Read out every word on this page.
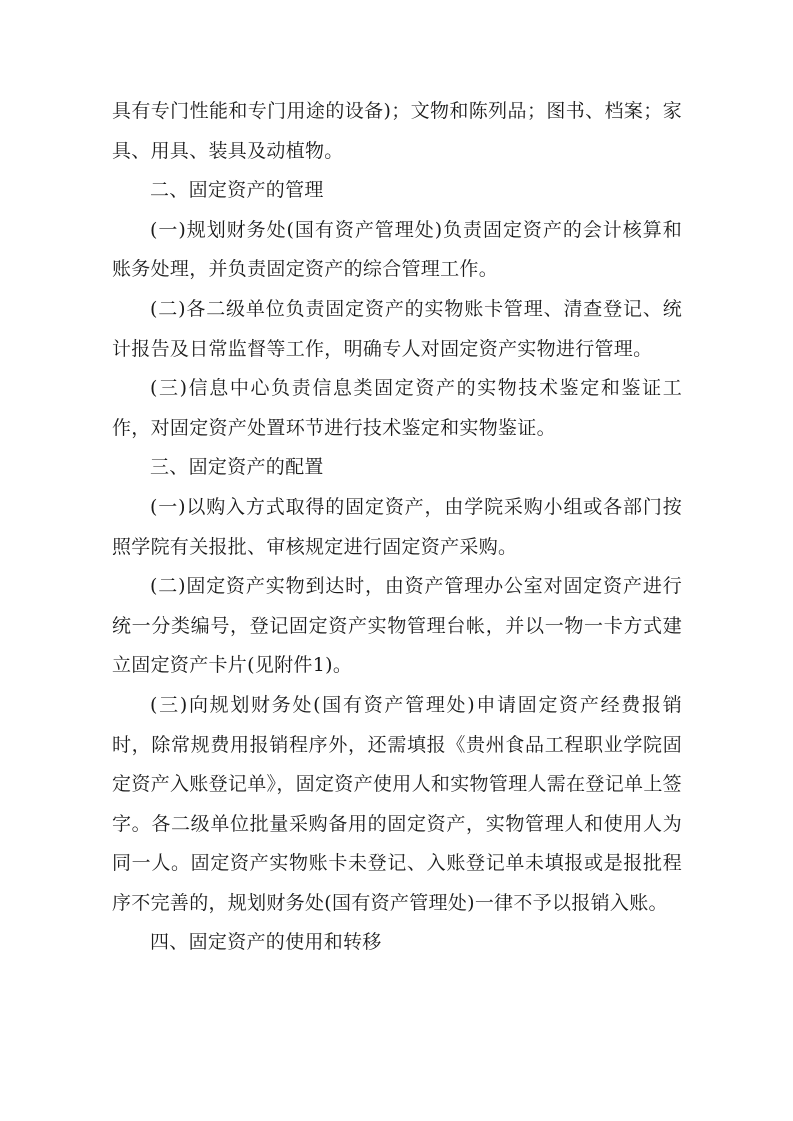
具有专门性能和专门用途的设备)；文物和陈列品；图书、档案；家具、用具、装具及动植物。

二、固定资产的管理

(一)规划财务处(国有资产管理处)负责固定资产的会计核算和账务处理，并负责固定资产的综合管理工作。

(二)各二级单位负责固定资产的实物账卡管理、清查登记、统计报告及日常监督等工作，明确专人对固定资产实物进行管理。

(三)信息中心负责信息类固定资产的实物技术鉴定和鉴证工作，对固定资产处置环节进行技术鉴定和实物鉴证。

三、固定资产的配置

(一)以购入方式取得的固定资产，由学院采购小组或各部门按照学院有关报批、审核规定进行固定资产采购。

(二)固定资产实物到达时，由资产管理办公室对固定资产进行统一分类编号，登记固定资产实物管理台帐，并以一物一卡方式建立固定资产卡片(见附件1)。

(三)向规划财务处(国有资产管理处)申请固定资产经费报销时，除常规费用报销程序外，还需填报《贵州食品工程职业学院固定资产入账登记单》，固定资产使用人和实物管理人需在登记单上签字。各二级单位批量采购备用的固定资产，实物管理人和使用人为同一人。固定资产实物账卡未登记、入账登记单未填报或是报批程序不完善的，规划财务处(国有资产管理处)一律不予以报销入账。

四、固定资产的使用和转移
